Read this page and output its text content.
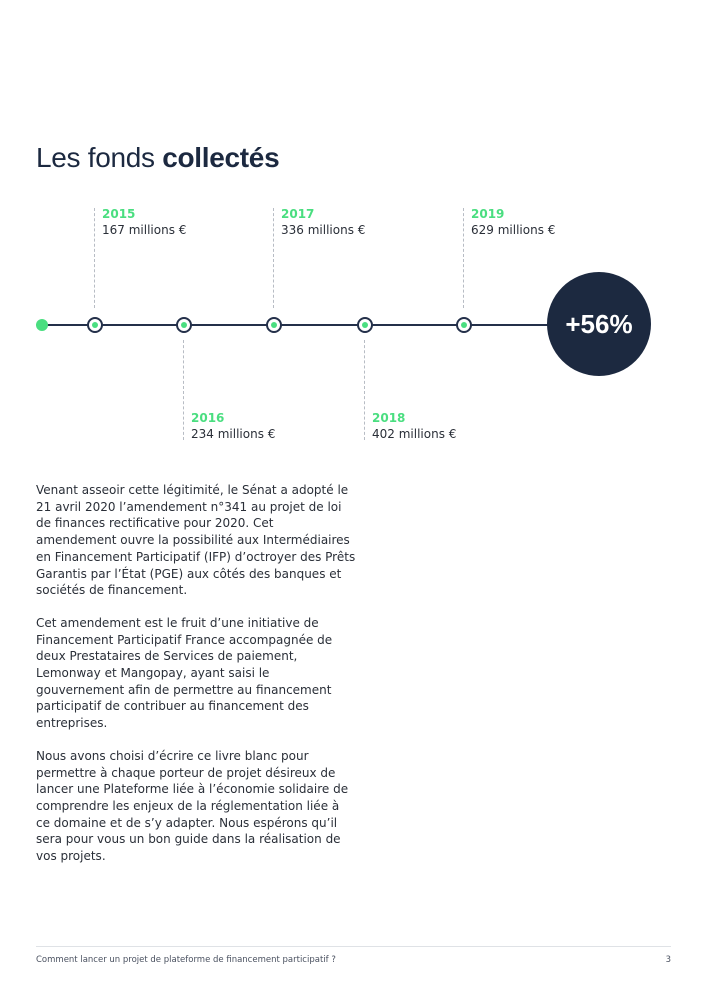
Les fonds collectés
2015
167 millions €
2017
336 millions €
2019
629 millions €
2016
234 millions €
2018
402 millions €
+56%

Venant asseoir cette légitimité, le Sénat a adopté le 21 avril 2020 l’amendement n°341 au projet de loi de finances rectificative pour 2020. Cet amendement ouvre la possibilité aux Intermédiaires en Financement Participatif (IFP) d’octroyer des Prêts Garantis par l’État (PGE) aux côtés des banques et sociétés de financement.

Cet amendement est le fruit d’une initiative de Financement Participatif France accompagnée de deux Prestataires de Services de paiement, Lemonway et Mangopay, ayant saisi le gouvernement afin de permettre au financement participatif de contribuer au financement des entreprises.

Nous avons choisi d’écrire ce livre blanc pour permettre à chaque porteur de projet désireux de lancer une Plateforme liée à l’économie solidaire de comprendre les enjeux de la réglementation liée à ce domaine et de s’y adapter. Nous espérons qu’il sera pour vous un bon guide dans la réalisation de vos projets.

Comment lancer un projet de plateforme de financement participatif ?	3
